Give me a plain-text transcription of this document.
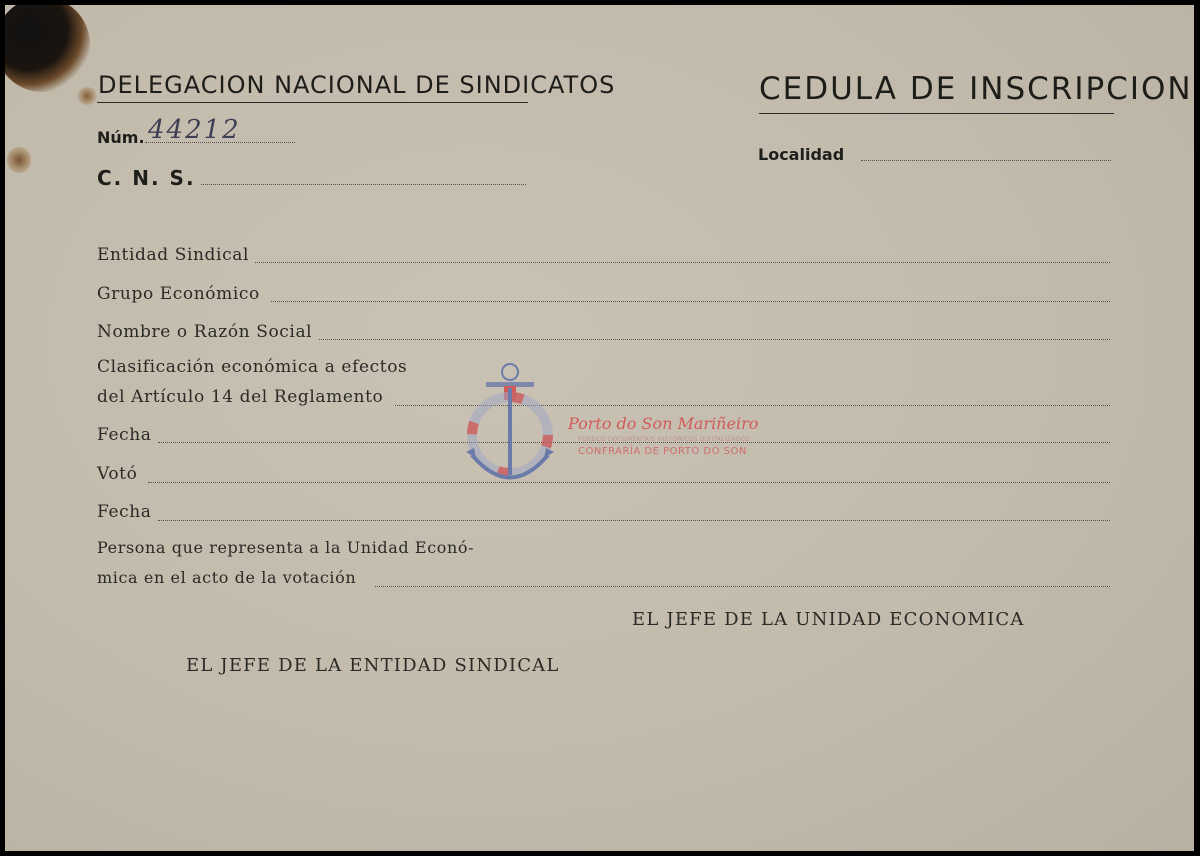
DELEGACION NACIONAL DE SINDICATOS
Núm. 44212
C. N. S.
CEDULA DE INSCRIPCION
Localidad
Entidad Sindical
Grupo Económico
Nombre o Razón Social
Clasificación económica a efectos
del Artículo 14 del Reglamento
Fecha
Votó
Fecha
Persona que representa a la Unidad Econó-
mica en el acto de la votación
EL JEFE DE LA UNIDAD ECONOMICA
EL JEFE DE LA ENTIDAD SINDICAL
Porto do Son Mariñeiro
FONDOS DOCUMENTAIS HISTÓRICOS DIXITALIZADOS
CONFRARÍA DE PORTO DO SON
